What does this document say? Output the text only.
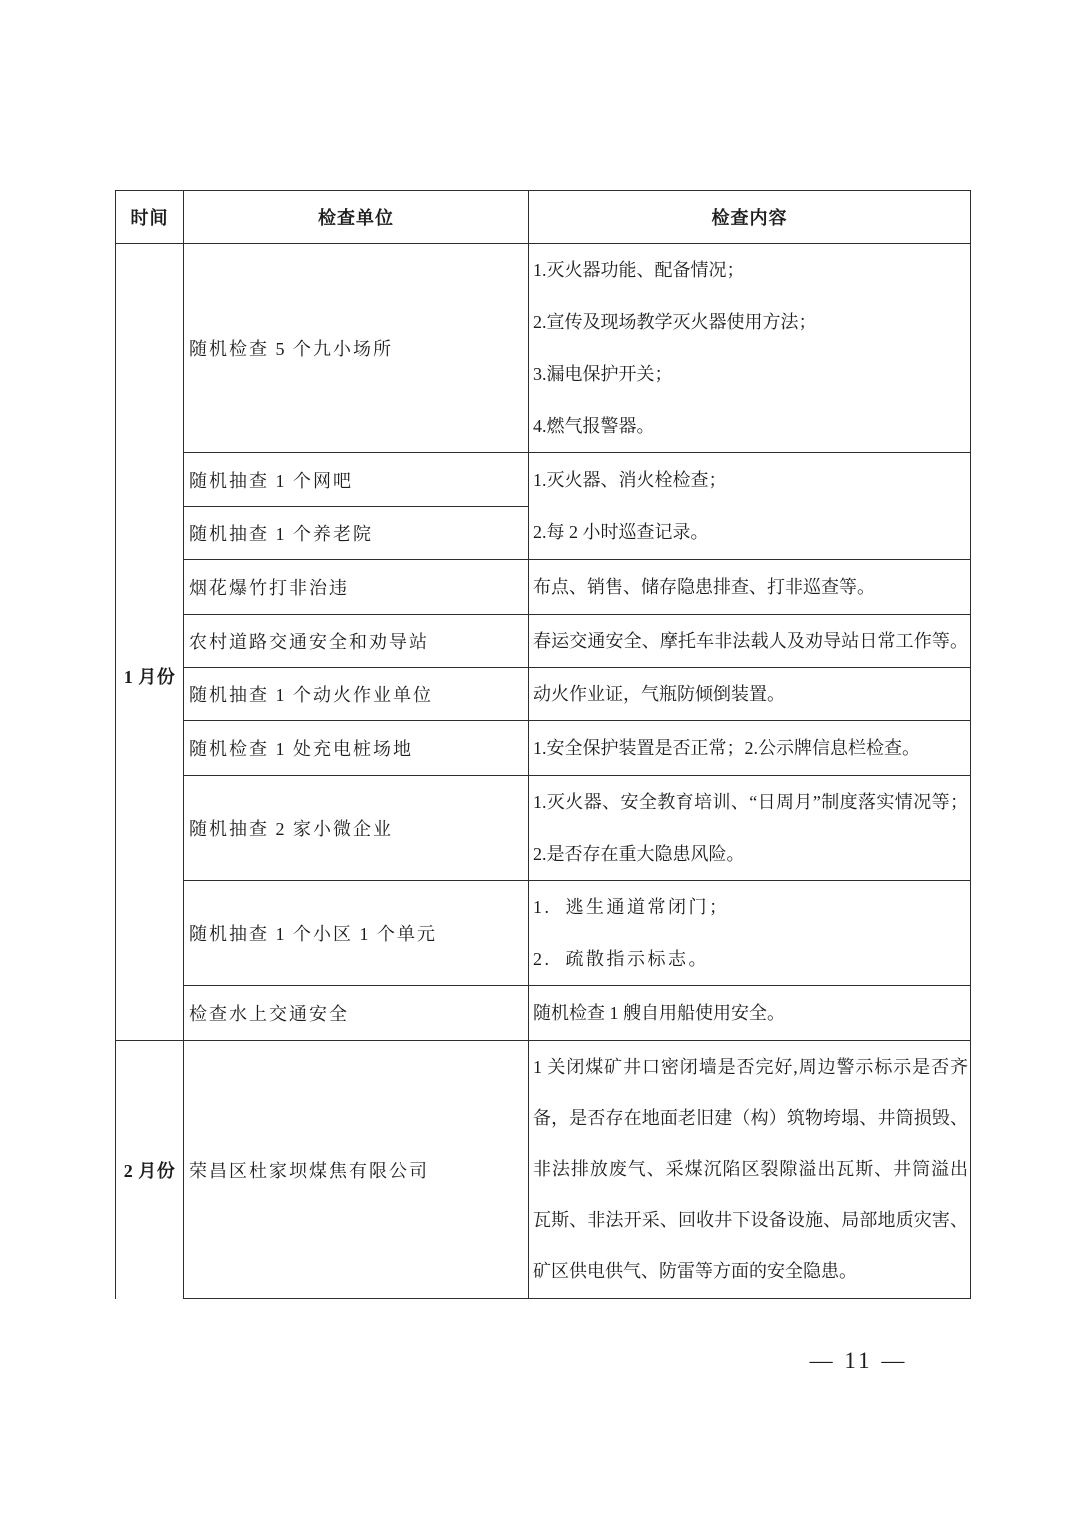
时间	检查单位	检查内容
1 月份	随机检查 5 个九小场所	1.灭火器功能、配备情况；
2.宣传及现场教学灭火器使用方法；
3.漏电保护开关；
4.燃气报警器。

	随机抽查 1 个网吧	1.灭火器、消火栓检查；
2.每 2 小时巡查记录。

	随机抽查 1 个养老院	
	烟花爆竹打非治违	布点、销售、储存隐患排查、打非巡查等。

	农村道路交通安全和劝导站	春运交通安全、摩托车非法载人及劝导站日常工作等。

	随机抽查 1 个动火作业单位	动火作业证，气瓶防倾倒装置。

	随机检查 1 处充电桩场地	1.安全保护装置是否正常；2.公示牌信息栏检查。

	随机抽查 2 家小微企业	1.灭火器、安全教育培训、“日周月”制度落实情况等；
2.是否存在重大隐患风险。

	随机抽查 1 个小区 1 个单元	1.  逃生通道常闭门；
2.  疏散指示标志。

	检查水上交通安全	随机检查 1 艘自用船使用安全。

2 月份	荣昌区杜家坝煤焦有限公司	1 关闭煤矿井口密闭墙是否完好,周边警示标示是否齐
备，是否存在地面老旧建（构）筑物垮塌、井筒损毁、
非法排放废气、采煤沉陷区裂隙溢出瓦斯、井筒溢出
瓦斯、非法开采、回收井下设备设施、局部地质灾害、
矿区供电供气、防雷等方面的安全隐患。
— 11 —
